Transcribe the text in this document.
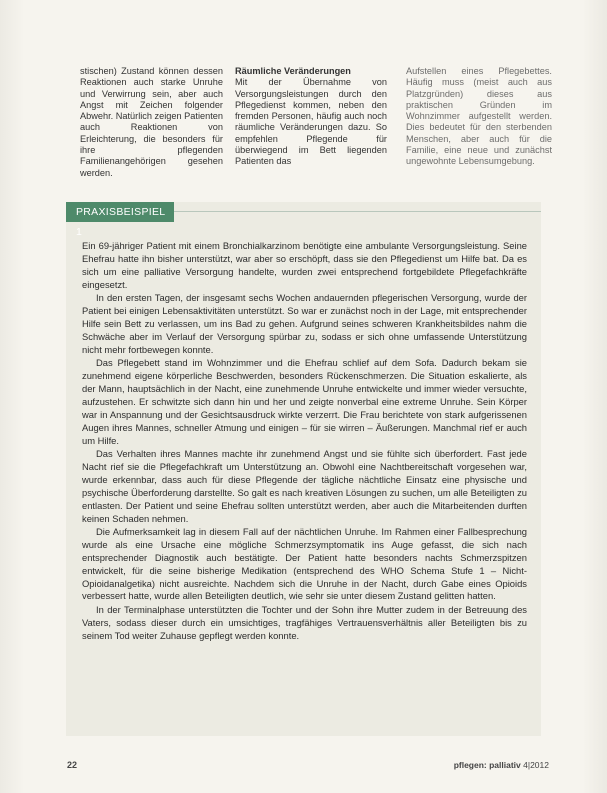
stischen) Zustand können dessen Reaktionen auch starke Unruhe und Verwirrung sein, aber auch Angst mit Zeichen folgender Abwehr. Natürlich zeigen Patienten auch Reaktionen von Erleichterung, die besonders für ihre pflegenden Familienangehörigen gesehen werden.

Räumliche Veränderungen

Mit der Übernahme von Versorgungsleistungen durch den Pflegedienst kommen, neben den fremden Personen, häufig auch noch räumliche Veränderungen dazu. So empfehlen Pflegende für überwiegend im Bett liegenden Patienten das

Aufstellen eines Pflegebettes. Häufig muss (meist auch aus Platzgründen) dieses aus praktischen Gründen im Wohnzimmer aufgestellt werden. Dies bedeutet für den sterbenden Menschen, aber auch für die Familie, eine neue und zunächst ungewohnte Lebensumgebung.

PRAXISBEISPIEL 1

Ein 69-jähriger Patient mit einem Bronchialkarzinom benötigte eine ambulante Versorgungsleistung. Seine Ehefrau hatte ihn bisher unterstützt, war aber so erschöpft, dass sie den Pflegedienst um Hilfe bat. Da es sich um eine palliative Versorgung handelte, wurden zwei entsprechend fortgebildete Pflegefachkräfte eingesetzt.

In den ersten Tagen, der insgesamt sechs Wochen andauernden pflegerischen Versorgung, wurde der Patient bei einigen Lebensaktivitäten unterstützt. So war er zunächst noch in der Lage, mit entsprechender Hilfe sein Bett zu verlassen, um ins Bad zu gehen. Aufgrund seines schweren Krankheitsbildes nahm die Schwäche aber im Verlauf der Versorgung spürbar zu, sodass er sich ohne umfassende Unterstützung nicht mehr fortbewegen konnte.

Das Pflegebett stand im Wohnzimmer und die Ehefrau schlief auf dem Sofa. Dadurch bekam sie zunehmend eigene körperliche Beschwerden, besonders Rückenschmerzen. Die Situation eskalierte, als der Mann, hauptsächlich in der Nacht, eine zunehmende Unruhe entwickelte und immer wieder versuchte, aufzustehen. Er schwitzte sich dann hin und her und zeigte nonverbal eine extreme Unruhe. Sein Körper war in Anspannung und der Gesichtsausdruck wirkte verzerrt. Die Frau berichtete von stark aufgerissenen Augen ihres Mannes, schneller Atmung und einigen – für sie wirren – Äußerungen. Manchmal rief er auch um Hilfe.

Das Verhalten ihres Mannes machte ihr zunehmend Angst und sie fühlte sich überfordert. Fast jede Nacht rief sie die Pflegefachkraft um Unterstützung an. Obwohl eine Nachtbereitschaft vorgesehen war, wurde erkennbar, dass auch für diese Pflegende der tägliche nächtliche Einsatz eine physische und psychische Überforderung darstellte. So galt es nach kreativen Lösungen zu suchen, um alle Beteiligten zu entlasten. Der Patient und seine Ehefrau sollten unterstützt werden, aber auch die Mitarbeitenden durften keinen Schaden nehmen.

Die Aufmerksamkeit lag in diesem Fall auf der nächtlichen Unruhe. Im Rahmen einer Fallbesprechung wurde als eine Ursache eine mögliche Schmerzsymptomatik ins Auge gefasst, die sich nach entsprechender Diagnostik auch bestätigte. Der Patient hatte besonders nachts Schmerzspitzen entwickelt, für die seine bisherige Medikation (entsprechend des WHO Schema Stufe 1 – Nicht-Opioidanalgetika) nicht ausreichte. Nachdem sich die Unruhe in der Nacht, durch Gabe eines Opioids verbessert hatte, wurde allen Beteiligten deutlich, wie sehr sie unter diesem Zustand gelitten hatten.

In der Terminalphase unterstützten die Tochter und der Sohn ihre Mutter zudem in der Betreuung des Vaters, sodass dieser durch ein umsichtiges, tragfähiges Vertrauensverhältnis aller Beteiligten bis zu seinem Tod weiter Zuhause gepflegt werden konnte.

22	pflegen: palliativ 4|2012
